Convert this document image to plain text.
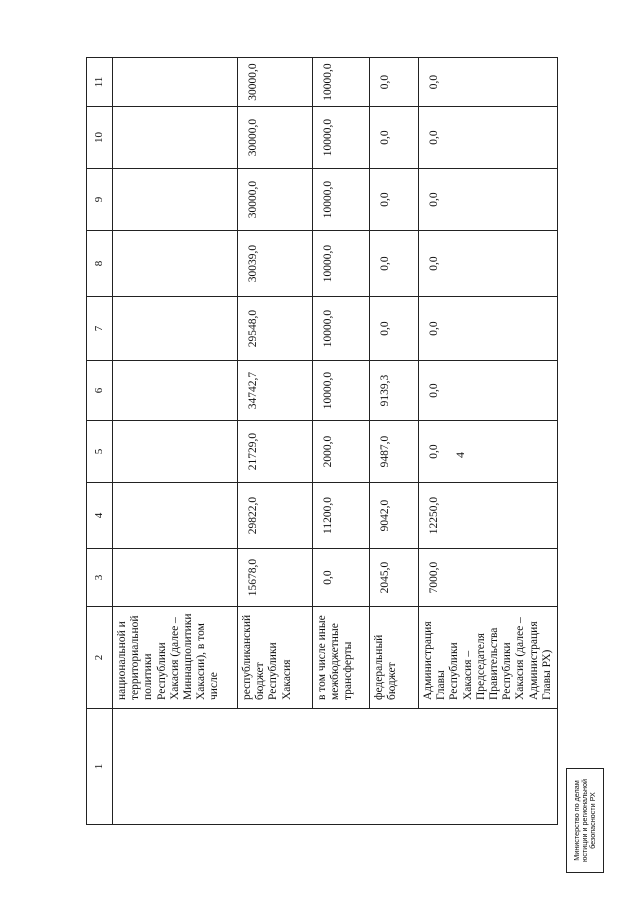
4
1	2	3	4	5	6	7	8	9	10	11
	национальной и территориальной политики Республики Хакасия (далее – Миннацполитики Хакасии), в том числе									
	республиканский бюджет Республики Хакасия	15678,0	29822,0	21729,0	34742,7	29548,0	30039,0	30000,0	30000,0	30000,0
	в том числе иные межбюджетные трансферты	0,0	11200,0	2000,0	10000,0	10000,0	10000,0	10000,0	10000,0	10000,0
	федеральный бюджет	2045,0	9042,0	9487,0	9139,3	0,0	0,0	0,0	0,0	0,0
	Администрация Главы Республики Хакасия – Председателя Правительства Республики Хакасия (далее – Администрация Главы РХ)	7000,0	12250,0	0,0	0,0	0,0	0,0	0,0	0,0	0,0
Министерство по делам юстиции и региональной безопасности РХ
